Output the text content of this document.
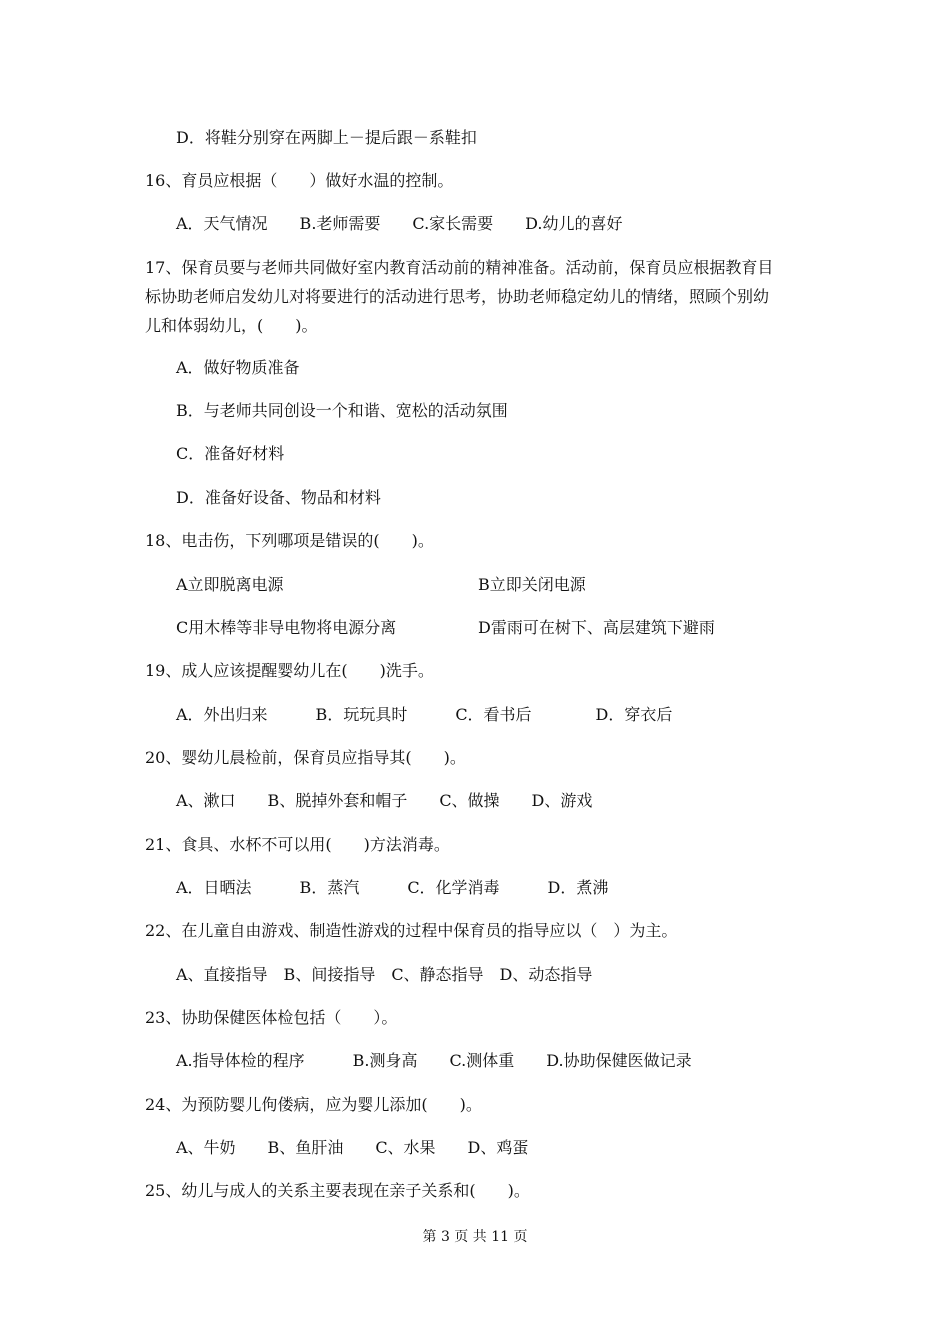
D．将鞋分别穿在两脚上－提后跟－系鞋扣
16、育员应根据（　　）做好水温的控制。
A．天气情况　　B.老师需要　　C.家长需要　　D.幼儿的喜好
17、保育员要与老师共同做好室内教育活动前的精神准备。活动前，保育员应根据教育目
标协助老师启发幼儿对将要进行的活动进行思考，协助老师稳定幼儿的情绪，照顾个别幼
儿和体弱幼儿，(　　)。
A．做好物质准备
B．与老师共同创设一个和谐、宽松的活动氛围
C．准备好材料
D．准备好设备、物品和材料
18、电击伤，下列哪项是错误的(　　)。
A立即脱离电源	B立即关闭电源
C用木棒等非导电物将电源分离	D雷雨可在树下、高层建筑下避雨
19、成人应该提醒婴幼儿在(　　)洗手。
A．外出归来　　　B．玩玩具时　　　C．看书后　　　　D．穿衣后
20、婴幼儿晨检前，保育员应指导其(　　)。
A、漱口　　B、脱掉外套和帽子　　C、做操　　D、游戏
21、食具、水杯不可以用(　　)方法消毒。
A．日晒法　　　B．蒸汽　　　C．化学消毒　　　D．煮沸
22、在儿童自由游戏、制造性游戏的过程中保育员的指导应以（　）为主。
A、直接指导　B、间接指导　C、静态指导　D、动态指导
23、协助保健医体检包括（　　）。
A.指导体检的程序　　　B.测身高　　C.测体重　　D.协助保健医做记录
24、为预防婴儿佝偻病，应为婴儿添加(　　)。
A、牛奶　　B、鱼肝油　　C、水果　　D、鸡蛋
25、幼儿与成人的关系主要表现在亲子关系和(　　)。
第 3 页 共 11 页
